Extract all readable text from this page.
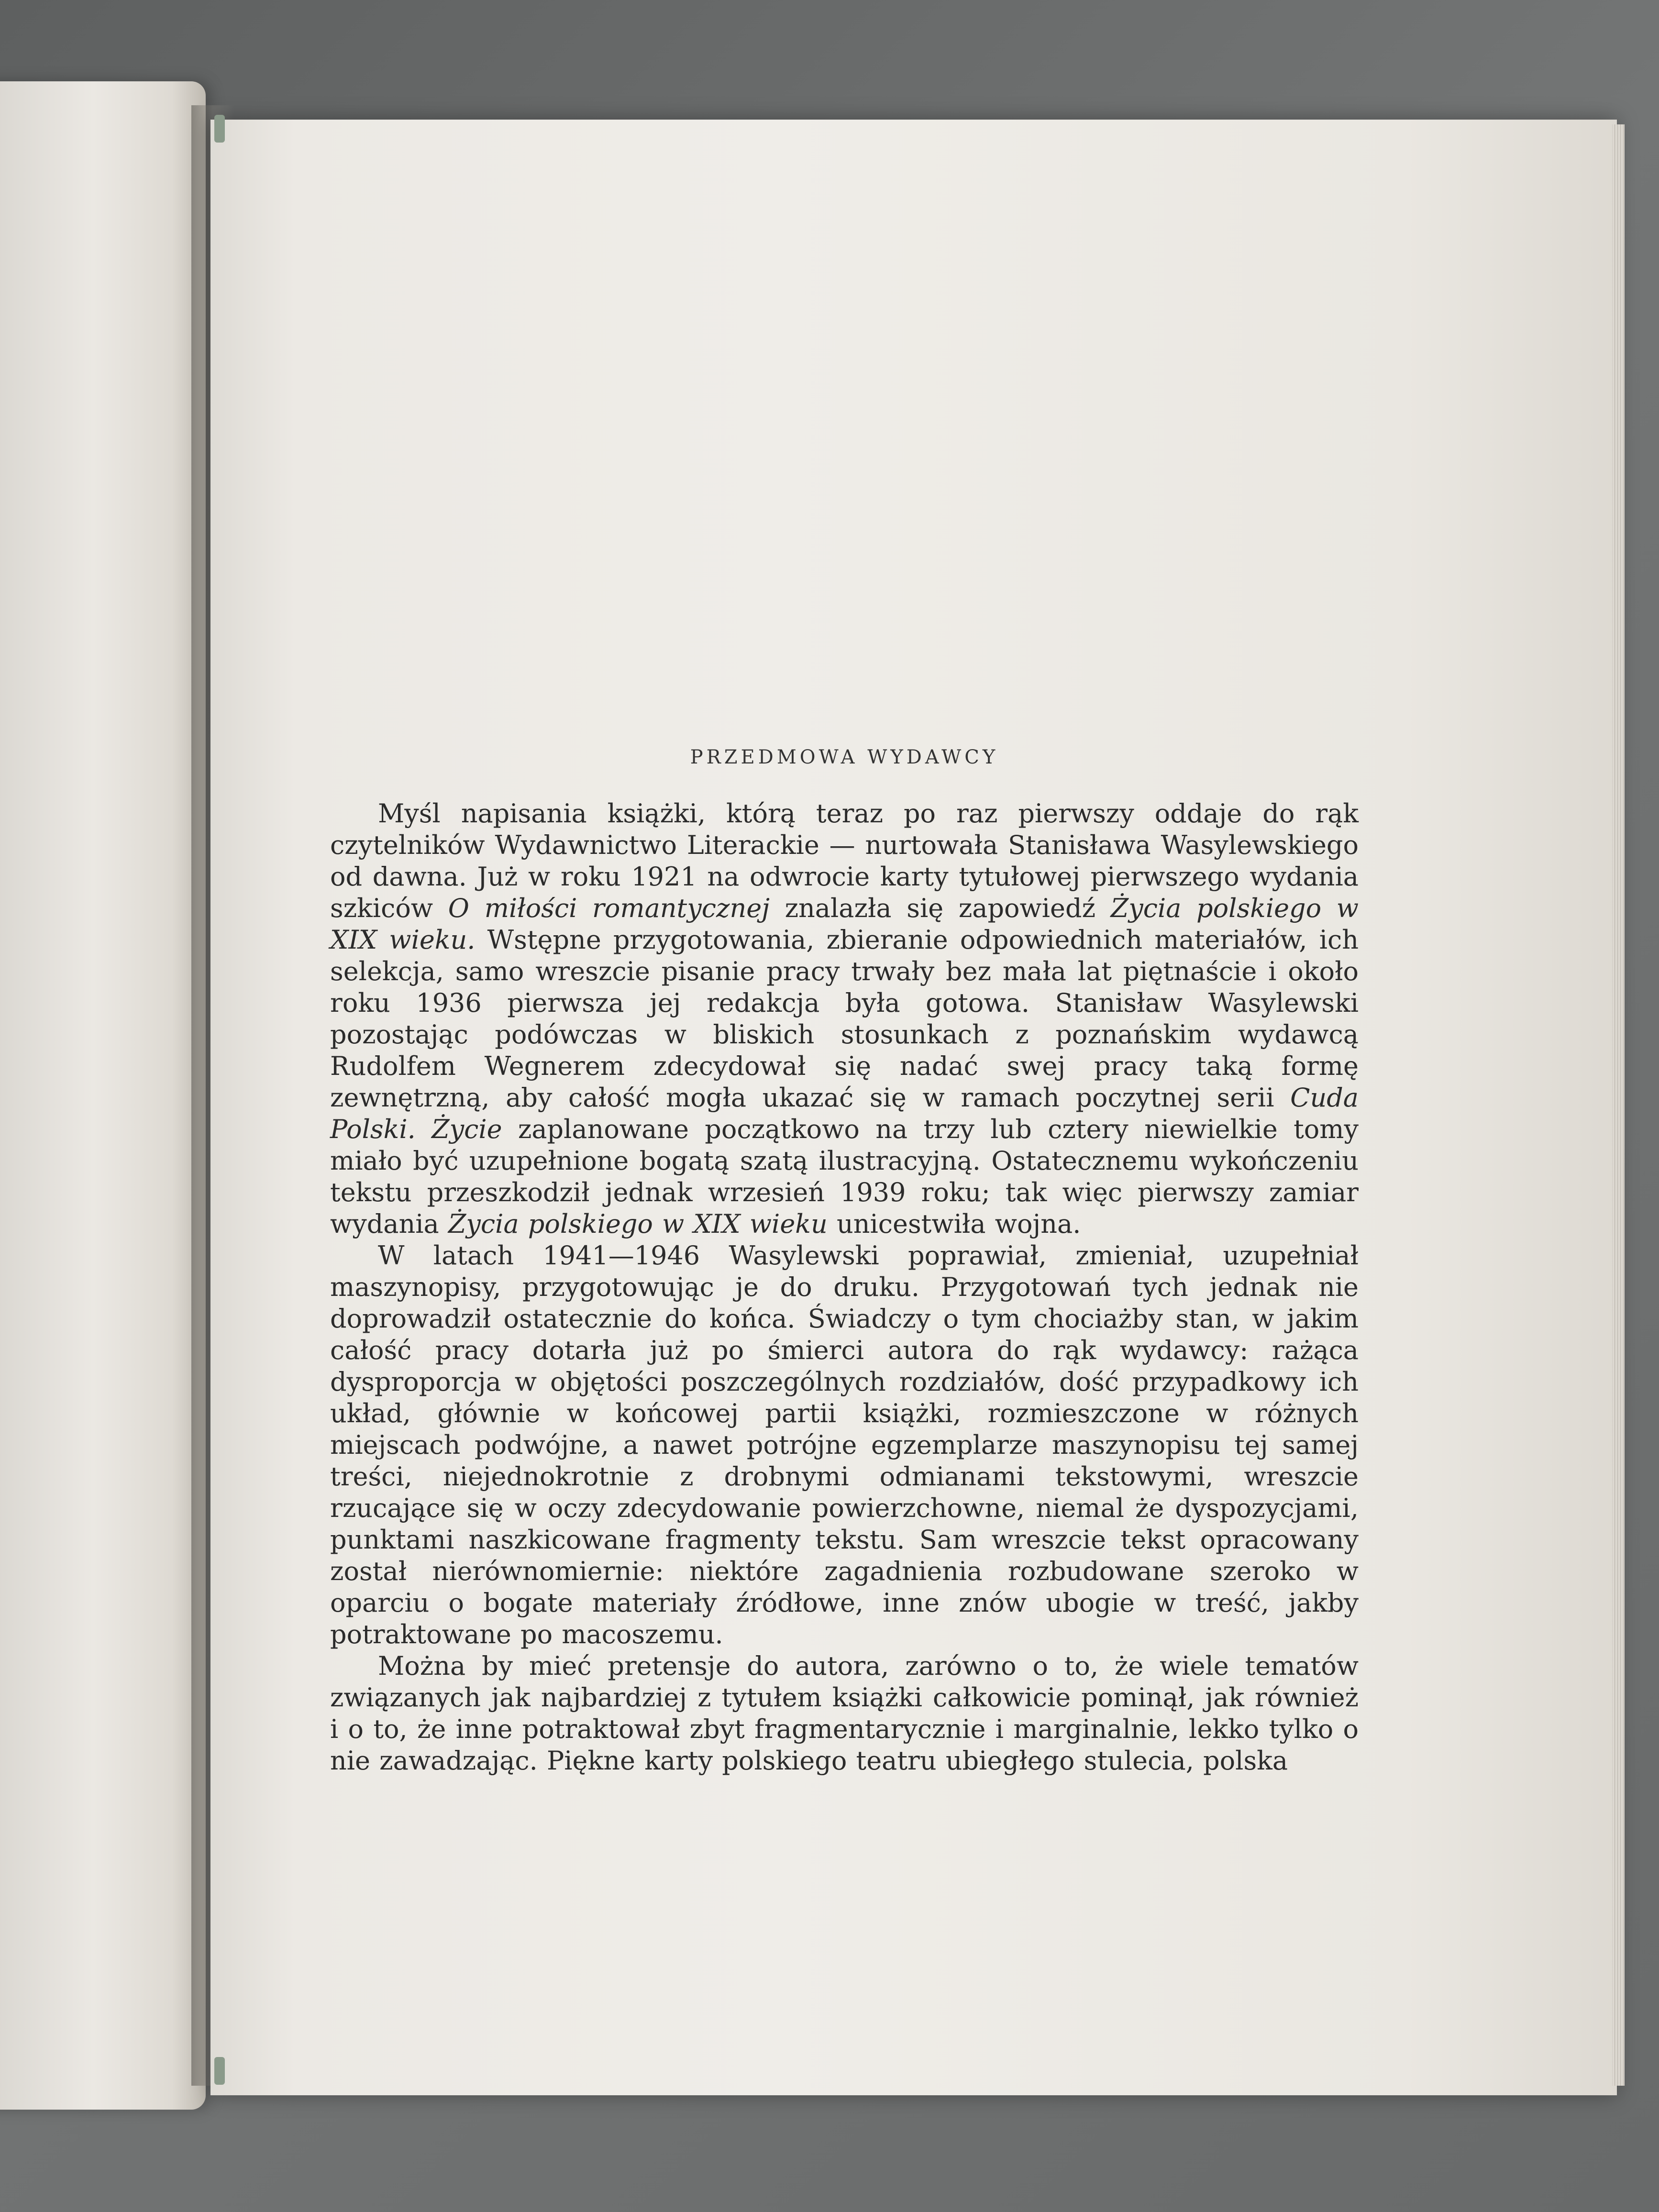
PRZEDMOWA WYDAWCY

Myśl napisania książki, którą teraz po raz pierwszy oddaje do rąk czytelników Wydawnictwo Literackie — nurtowała Stanisława Wasylewskiego od dawna. Już w roku 1921 na odwrocie karty tytułowej pierwszego wydania szkiców O miłości romantycznej znalazła się zapowiedź Życia polskiego w XIX wieku. Wstępne przygotowania, zbieranie odpowiednich materiałów, ich selekcja, samo wreszcie pisanie pracy trwały bez mała lat piętnaście i około roku 1936 pierwsza jej redakcja była gotowa. Stanisław Wasylewski pozostając podówczas w bliskich stosunkach z poznańskim wydawcą Rudolfem Wegnerem zdecydował się nadać swej pracy taką formę zewnętrzną, aby całość mogła ukazać się w ramach poczytnej serii Cuda Polski. Życie zaplanowane początkowo na trzy lub cztery niewielkie tomy miało być uzupełnione bogatą szatą ilustracyjną. Ostatecznemu wykończeniu tekstu przeszkodził jednak wrzesień 1939 roku; tak więc pierwszy zamiar wydania Życia polskiego w XIX wieku unicestwiła wojna.

W latach 1941—1946 Wasylewski poprawiał, zmieniał, uzupełniał maszynopisy, przygotowując je do druku. Przygotowań tych jednak nie doprowadził ostatecznie do końca. Świadczy o tym chociażby stan, w jakim całość pracy dotarła już po śmierci autora do rąk wydawcy: rażąca dysproporcja w objętości poszczególnych rozdziałów, dość przypadkowy ich układ, głównie w końcowej partii książki, rozmieszczone w różnych miejscach podwójne, a nawet potrójne egzemplarze maszynopisu tej samej treści, niejednokrotnie z drobnymi odmianami tekstowymi, wreszcie rzucające się w oczy zdecydowanie powierzchowne, niemal że dyspozycjami, punktami naszkicowane fragmenty tekstu. Sam wreszcie tekst opracowany został nierównomiernie: niektóre zagadnienia rozbudowane szeroko w oparciu o bogate materiały źródłowe, inne znów ubogie w treść, jakby potraktowane po macoszemu.

Można by mieć pretensje do autora, zarówno o to, że wiele tematów związanych jak najbardziej z tytułem książki całkowicie pominął, jak również i o to, że inne potraktował zbyt fragmentarycznie i marginalnie, lekko tylko o nie zawadzając. Piękne karty polskiego teatru ubiegłego stulecia, polska
